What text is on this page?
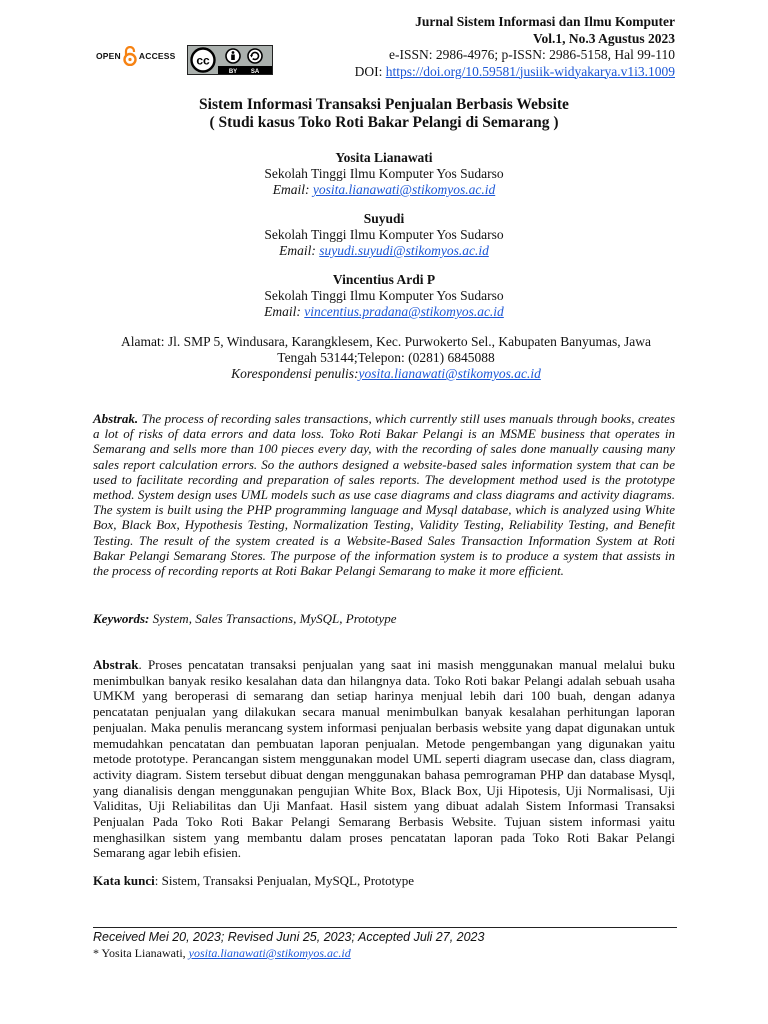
Jurnal Sistem Informasi dan Ilmu Komputer
Vol.1, No.3 Agustus 2023
e-ISSN: 2986-4976; p-ISSN: 2986-5158, Hal 99-110
DOI: https://doi.org/10.59581/jusiik-widyakarya.v1i3.1009
OPEN ACCESS cc
BY SA
Sistem Informasi Transaksi Penjualan Berbasis Website
( Studi kasus Toko Roti Bakar Pelangi di Semarang )
Yosita Lianawati
Sekolah Tinggi Ilmu Komputer Yos Sudarso
Email: yosita.lianawati@stikomyos.ac.id
Suyudi
Sekolah Tinggi Ilmu Komputer Yos Sudarso
Email: suyudi.suyudi@stikomyos.ac.id
Vincentius Ardi P
Sekolah Tinggi Ilmu Komputer Yos Sudarso
Email: vincentius.pradana@stikomyos.ac.id
Alamat: Jl. SMP 5, Windusara, Karangklesem, Kec. Purwokerto Sel., Kabupaten Banyumas, Jawa
Tengah 53144;Telepon: (0281) 6845088
Korespondensi penulis:yosita.lianawati@stikomyos.ac.id
Abstrak. The process of recording sales transactions, which currently still uses manuals through books, creates a lot of risks of data errors and data loss. Toko Roti Bakar Pelangi is an MSME business that operates in Semarang and sells more than 100 pieces every day, with the recording of sales done manually causing many sales report calculation errors. So the authors designed a website-based sales information system that can be used to facilitate recording and preparation of sales reports. The development method used is the prototype method. System design uses UML models such as use case diagrams and class diagrams and activity diagrams. The system is built using the PHP programming language and Mysql database, which is analyzed using White Box, Black Box, Hypothesis Testing, Normalization Testing, Validity Testing, Reliability Testing, and Benefit Testing. The result of the system created is a Website-Based Sales Transaction Information System at Roti Bakar Pelangi Semarang Stores. The purpose of the information system is to produce a system that assists in the process of recording reports at Roti Bakar Pelangi Semarang to make it more efficient.
Keywords: System, Sales Transactions, MySQL, Prototype
Abstrak. Proses pencatatan transaksi penjualan yang saat ini masish menggunakan manual melalui buku menimbulkan banyak resiko kesalahan data dan hilangnya data. Toko Roti bakar Pelangi adalah sebuah usaha UMKM yang beroperasi di semarang dan setiap harinya menjual lebih dari 100 buah, dengan adanya pencatatan penjualan yang dilakukan secara manual menimbulkan banyak kesalahan perhitungan laporan penjualan. Maka penulis merancang system informasi penjualan berbasis website yang dapat digunakan untuk memudahkan pencatatan dan pembuatan laporan penjualan. Metode pengembangan yang digunakan yaitu metode prototype. Perancangan sistem menggunakan model UML seperti diagram usecase dan, class diagram, activity diagram. Sistem tersebut dibuat dengan menggunakan bahasa pemrograman PHP dan database Mysql, yang dianalisis dengan menggunakan pengujian White Box, Black Box, Uji Hipotesis, Uji Normalisasi, Uji Validitas, Uji Reliabilitas dan Uji Manfaat. Hasil sistem yang dibuat adalah Sistem Informasi Transaksi Penjualan Pada Toko Roti Bakar Pelangi Semarang Berbasis Website. Tujuan sistem informasi yaitu menghasilkan sistem yang membantu dalam proses pencatatan laporan pada Toko Roti Bakar Pelangi Semarang agar lebih efisien.
Kata kunci: Sistem, Transaksi Penjualan, MySQL, Prototype
Received Mei 20, 2023; Revised Juni 25, 2023; Accepted Juli 27, 2023
* Yosita Lianawati, yosita.lianawati@stikomyos.ac.id
